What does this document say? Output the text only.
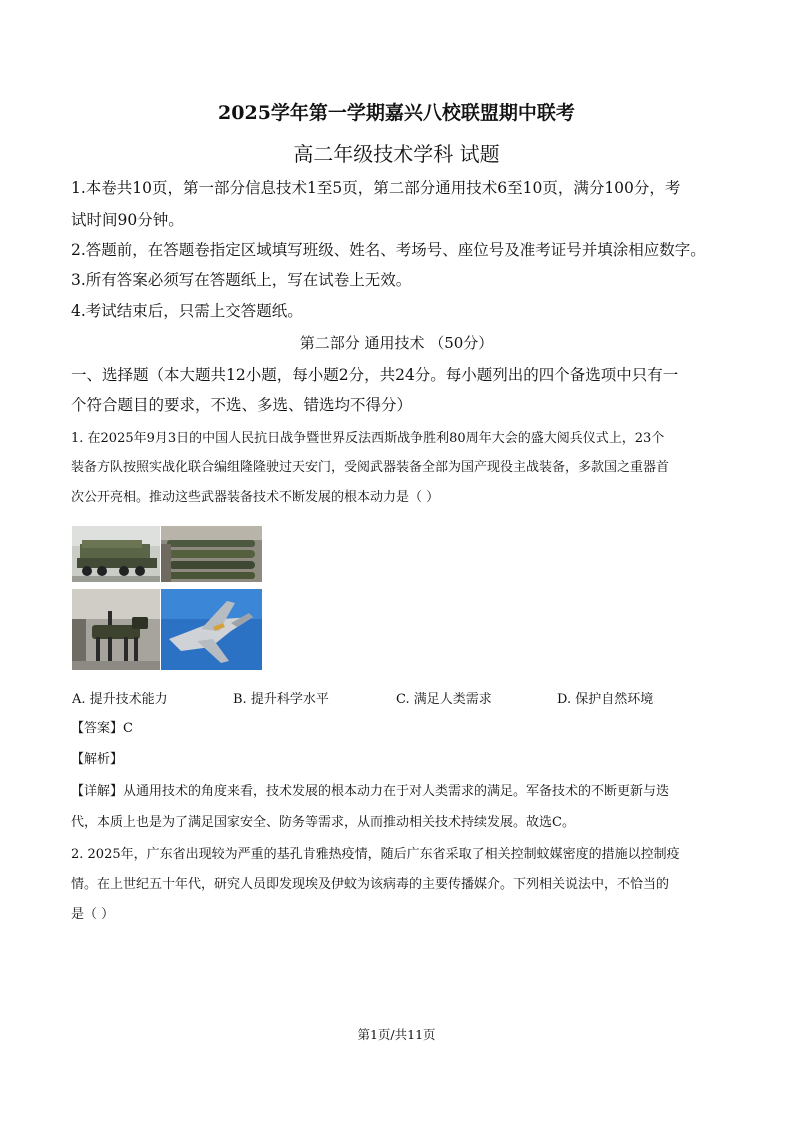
2025学年第一学期嘉兴八校联盟期中联考
高二年级技术学科 试题
1.本卷共10页，第一部分信息技术1至5页，第二部分通用技术6至10页，满分100分，考
试时间90分钟。
2.答题前，在答题卷指定区域填写班级、姓名、考场号、座位号及准考证号并填涂相应数字。
3.所有答案必须写在答题纸上，写在试卷上无效。
4.考试结束后，只需上交答题纸。
第二部分 通用技术 （50分）
一、选择题（本大题共12小题，每小题2分，共24分。每小题列出的四个备选项中只有一
个符合题目的要求，不选、多选、错选均不得分）
1. 在2025年9月3日的中国人民抗日战争暨世界反法西斯战争胜利80周年大会的盛大阅兵仪式上，23个
装备方队按照实战化联合编组隆隆驶过天安门，受阅武器装备全部为国产现役主战装备，多款国之重器首
次公开亮相。推动这些武器装备技术不断发展的根本动力是（ ）
A. 提升技术能力	B. 提升科学水平	C. 满足人类需求	D. 保护自然环境
【答案】C
【解析】
【详解】从通用技术的角度来看，技术发展的根本动力在于对人类需求的满足。军备技术的不断更新与迭
代，本质上也是为了满足国家安全、防务等需求，从而推动相关技术持续发展。故选C。
2. 2025年，广东省出现较为严重的基孔肯雅热疫情，随后广东省采取了相关控制蚊媒密度的措施以控制疫
情。在上世纪五十年代，研究人员即发现埃及伊蚊为该病毒的主要传播媒介。下列相关说法中，不恰当的
是（ ）
第1页/共11页
